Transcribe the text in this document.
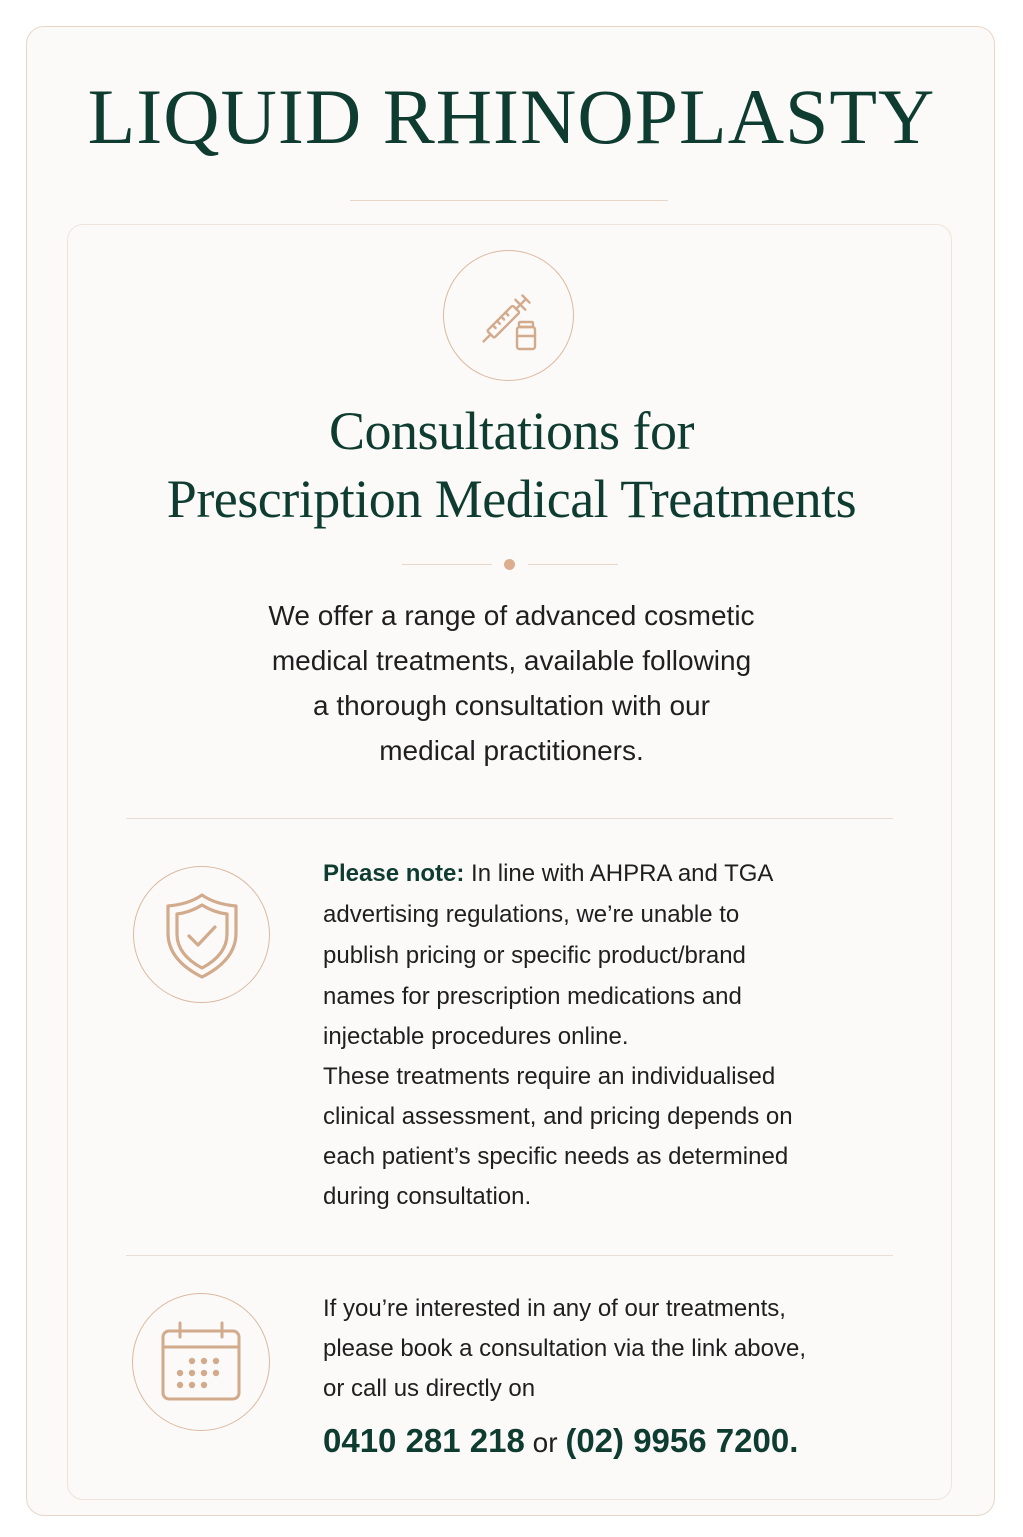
LIQUID RHINOPLASTY
Consultations for
Prescription Medical Treatments

We offer a range of advanced cosmetic

medical treatments, available following

a thorough consultation with our

medical practitioners.

Please note: In line with AHPRA and TGA

advertising regulations, we’re unable to

publish pricing or specific product/brand

names for prescription medications and

injectable procedures online.

These treatments require an individualised

clinical assessment, and pricing depends on

each patient’s specific needs as determined

during consultation.

If you’re interested in any of our treatments,

please book a consultation via the link above,

or call us directly on

0410 281 218 or (02) 9956 7200.
